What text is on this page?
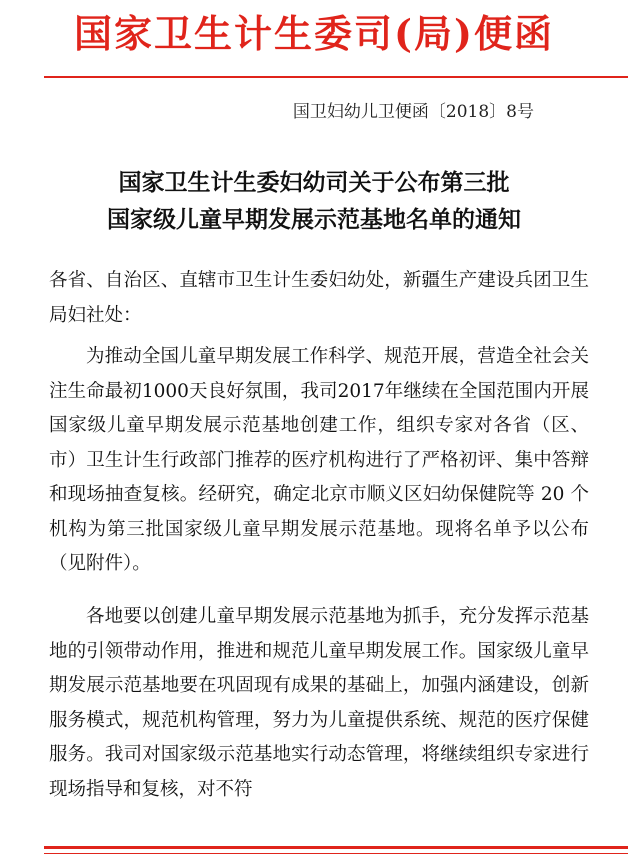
国家卫生计生委司(局)便函
国卫妇幼儿卫便函〔2018〕8号
国家卫生计生委妇幼司关于公布第三批
国家级儿童早期发展示范基地名单的通知
各省、自治区、直辖市卫生计生委妇幼处，新疆生产建设兵团卫生局妇社处：
为推动全国儿童早期发展工作科学、规范开展，营造全社会关注生命最初1000天良好氛围，我司2017年继续在全国范围内开展国家级儿童早期发展示范基地创建工作，组织专家对各省（区、市）卫生计生行政部门推荐的医疗机构进行了严格初评、集中答辩和现场抽查复核。经研究，确定北京市顺义区妇幼保健院等 20 个机构为第三批国家级儿童早期发展示范基地。现将名单予以公布（见附件）。
各地要以创建儿童早期发展示范基地为抓手，充分发挥示范基地的引领带动作用，推进和规范儿童早期发展工作。国家级儿童早期发展示范基地要在巩固现有成果的基础上，加强内涵建设，创新服务模式，规范机构管理，努力为儿童提供系统、规范的医疗保健服务。我司对国家级示范基地实行动态管理，将继续组织专家进行现场指导和复核，对不符
